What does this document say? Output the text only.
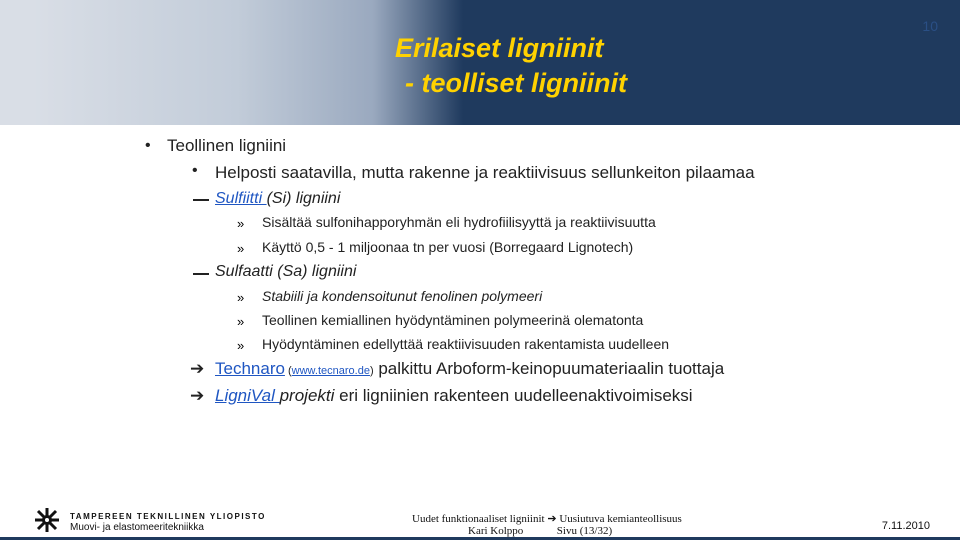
10
Erilaiset ligniinit
- teolliset ligniinit
• Teollinen ligniini
• Helposti saatavilla, mutta rakenne ja reaktiivisuus sellunkeiton pilaamaa
Sulfiitti (Si) ligniini
» Sisältää sulfonihapporyhmän eli hydrofiilisyyttä ja reaktiivisuutta
» Käyttö 0,5 - 1 miljoonaa tn per vuosi (Borregaard Lignotech)
Sulfaatti (Sa) ligniini
» Stabiili ja kondensoitunut fenolinen polymeeri
» Teollinen kemiallinen hyödyntäminen polymeerinä olematonta
» Hyödyntäminen edellyttää reaktiivisuuden rakentamista uudelleen
➔ Technaro (www.tecnaro.de) palkittu Arboform-keinopuumateriaalin tuottaja
➔ LigniVal projekti eri ligniinien rakenteen uudelleenaktivoimiseksi
TAMPEREEN TEKNILLINEN YLIOPISTO
Muovi- ja elastomeeritekniikka
Uudet funktionaaliset ligniinit ➔ Uusiutuva kemianteollisuus
Kari Kolppo	Sivu (13/32)	7.11.2010
